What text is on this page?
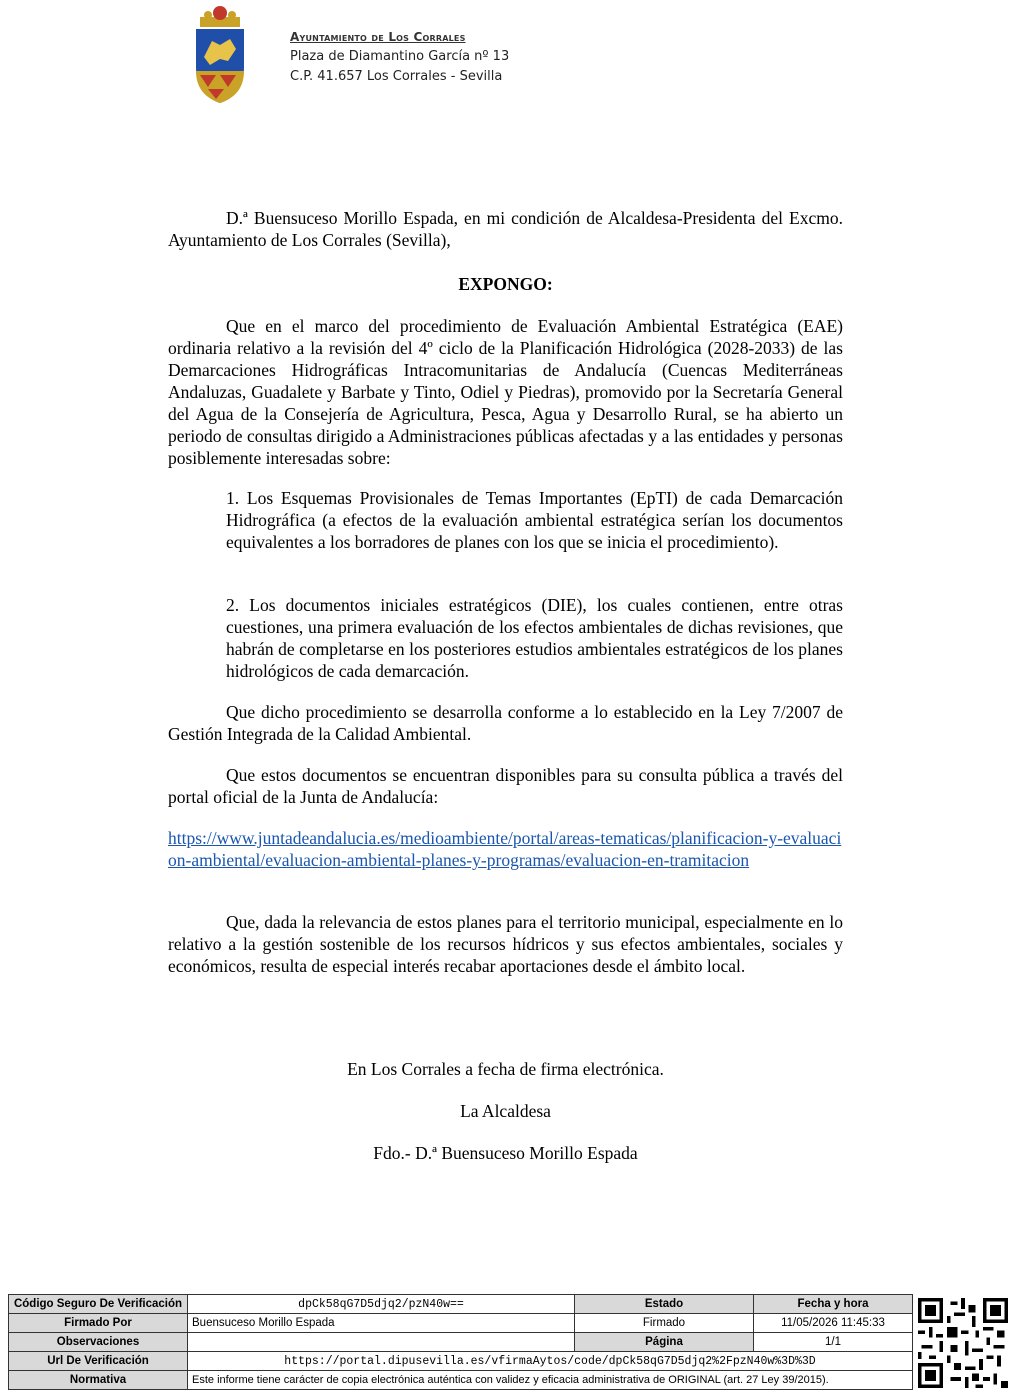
Ayuntamiento de Los Corrales
Plaza de Diamantino García nº 13
C.P. 41.657 Los Corrales - Sevilla

D.ª Buensuceso Morillo Espada, en mi condición de Alcaldesa-Presidenta del Excmo. Ayuntamiento de Los Corrales (Sevilla),

EXPONGO:

Que en el marco del procedimiento de Evaluación Ambiental Estratégica (EAE) ordinaria relativo a la revisión del 4º ciclo de la Planificación Hidrológica (2028-2033) de las Demarcaciones Hidrográficas Intracomunitarias de Andalucía (Cuencas Mediterráneas Andaluzas, Guadalete y Barbate y Tinto, Odiel y Piedras), promovido por la Secretaría General del Agua de la Consejería de Agricultura, Pesca, Agua y Desarrollo Rural, se ha abierto un periodo de consultas dirigido a Administraciones públicas afectadas y a las entidades y personas posiblemente interesadas sobre:

1. Los Esquemas Provisionales de Temas Importantes (EpTI) de cada Demarcación Hidrográfica (a efectos de la evaluación ambiental estratégica serían los documentos equivalentes a los borradores de planes con los que se inicia el procedimiento).

2. Los documentos iniciales estratégicos (DIE), los cuales contienen, entre otras cuestiones, una primera evaluación de los efectos ambientales de dichas revisiones, que habrán de completarse en los posteriores estudios ambientales estratégicos de los planes hidrológicos de cada demarcación.

Que dicho procedimiento se desarrolla conforme a lo establecido en la Ley 7/2007 de Gestión Integrada de la Calidad Ambiental.

Que estos documentos se encuentran disponibles para su consulta pública a través del portal oficial de la Junta de Andalucía:

https://www.juntadeandalucia.es/medioambiente/portal/areas-tematicas/planificacion-y-evaluacion-ambiental/evaluacion-ambiental-planes-y-programas/evaluacion-en-tramitacion

Que, dada la relevancia de estos planes para el territorio municipal, especialmente en lo relativo a la gestión sostenible de los recursos hídricos y sus efectos ambientales, sociales y económicos, resulta de especial interés recabar aportaciones desde el ámbito local.

En Los Corrales a fecha de firma electrónica.

La Alcaldesa

Fdo.- D.ª Buensuceso Morillo Espada

Código Seguro De Verificación	dpCk58qG7D5djq2/pzN40w==	Estado	Fecha y hora
Firmado Por	Buensuceso Morillo Espada	Firmado	11/05/2026 11:45:33
Observaciones		Página	1/1
Url De Verificación	https://portal.dipusevilla.es/vfirmaAytos/code/dpCk58qG7D5djq2%2FpzN40w%3D%3D		
Normativa	Este informe tiene carácter de copia electrónica auténtica con validez y eficacia administrativa de ORIGINAL (art. 27 Ley 39/2015).		
